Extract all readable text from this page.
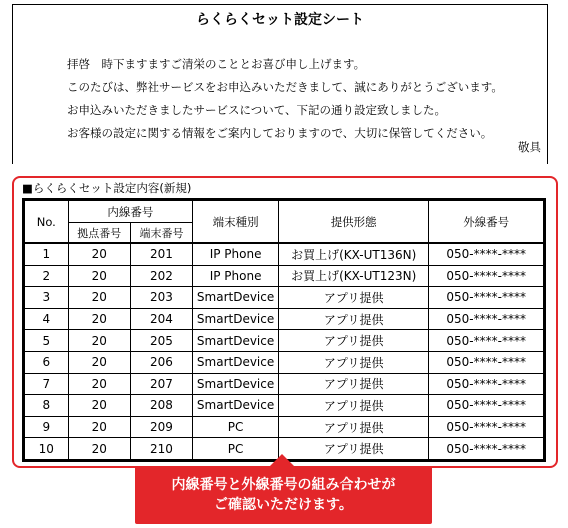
らくらくセット設定シート
拝啓　時下ますますご清栄のこととお喜び申し上げます。
このたびは、弊社サービスをお申込みいただきまして、誠にありがとうございます。
お申込みいただきましたサービスについて、下記の通り設定致しました。
お客様の設定に関する情報をご案内しておりますので、大切に保管してください。
敬具
■らくらくセット設定内容(新規)
No.	内線番号		端末種別	提供形態	外線番号
	拠点番号	端末番号			
1	20	201	IP Phone	お買上げ(KX-UT136N)	050-****-****
2	20	202	IP Phone	お買上げ(KX-UT123N)	050-****-****
3	20	203	SmartDevice	アプリ提供	050-****-****
4	20	204	SmartDevice	アプリ提供	050-****-****
5	20	205	SmartDevice	アプリ提供	050-****-****
6	20	206	SmartDevice	アプリ提供	050-****-****
7	20	207	SmartDevice	アプリ提供	050-****-****
8	20	208	SmartDevice	アプリ提供	050-****-****
9	20	209	PC	アプリ提供	050-****-****
10	20	210	PC	アプリ提供	050-****-****
内線番号と外線番号の組み合わせが
ご確認いただけます。
